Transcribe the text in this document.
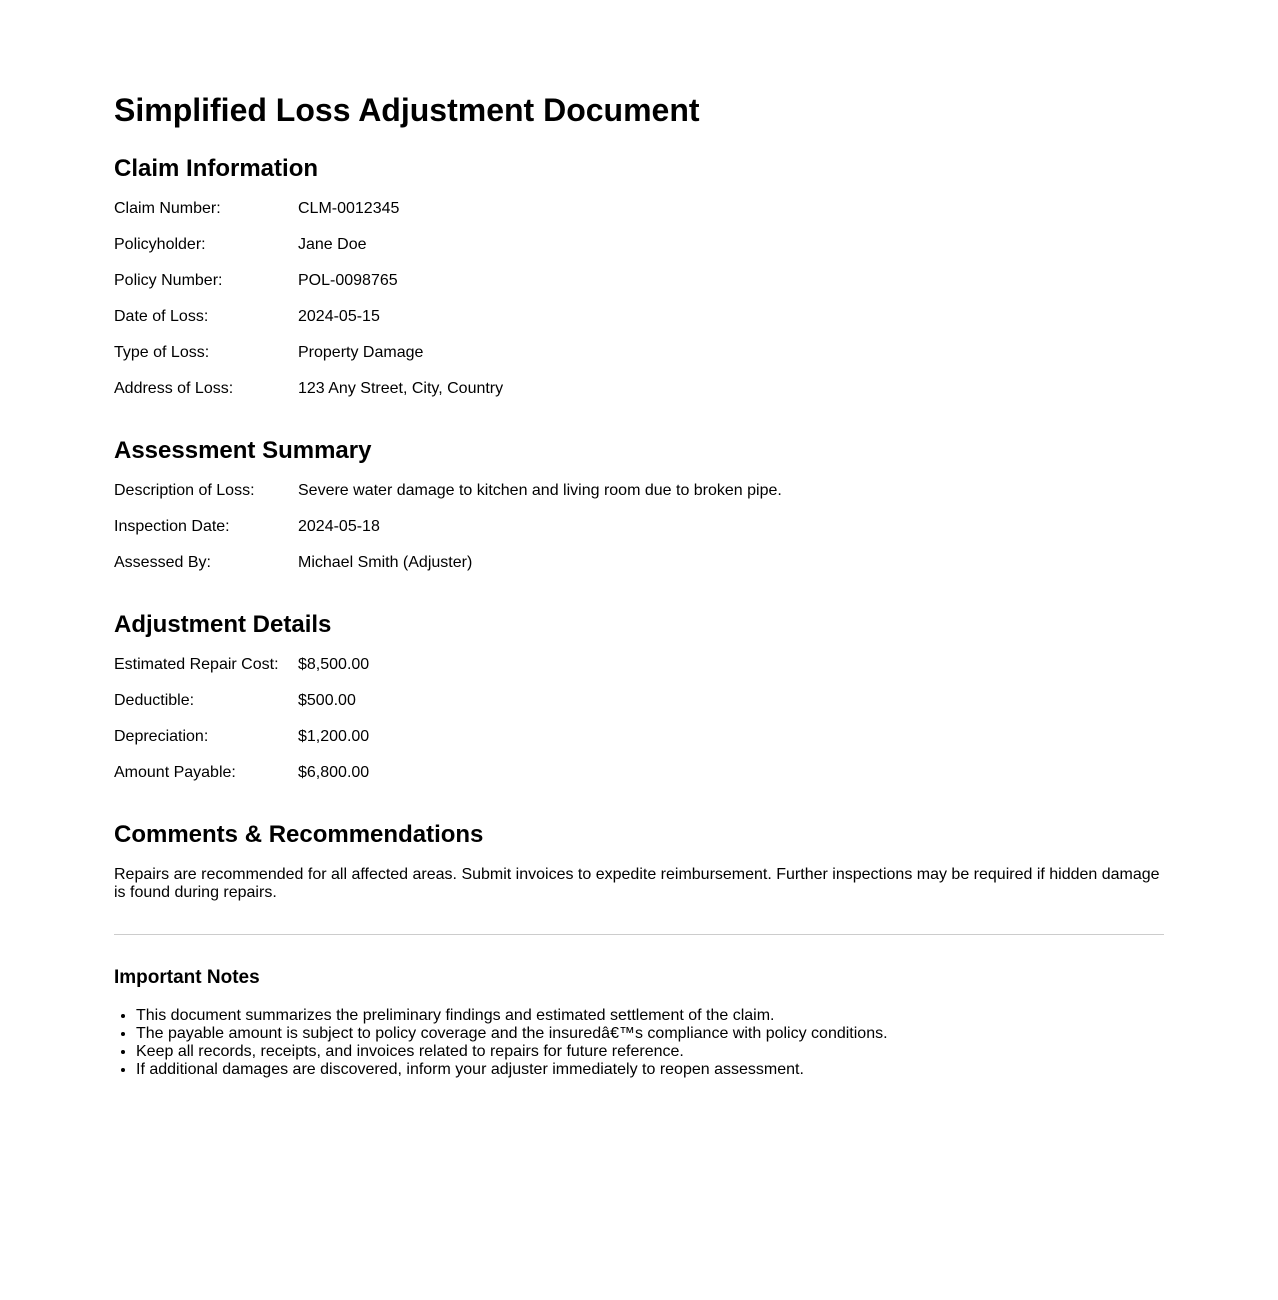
Simplified Loss Adjustment Document
Claim Information
Claim Number:	CLM-0012345
Policyholder:	Jane Doe
Policy Number:	POL-0098765
Date of Loss:	2024-05-15
Type of Loss:	Property Damage
Address of Loss:	123 Any Street, City, Country
Assessment Summary
Description of Loss:	Severe water damage to kitchen and living room due to broken pipe.
Inspection Date:	2024-05-18
Assessed By:	Michael Smith (Adjuster)
Adjustment Details
Estimated Repair Cost:	$8,500.00
Deductible:	$500.00
Depreciation:	$1,200.00
Amount Payable:	$6,800.00
Comments & Recommendations

Repairs are recommended for all affected areas. Submit invoices to expedite reimbursement. Further inspections may be required if hidden damage is found during repairs.

Important Notes
• This document summarizes the preliminary findings and estimated settlement of the claim.
• The payable amount is subject to policy coverage and the insuredâ€™s compliance with policy conditions.
• Keep all records, receipts, and invoices related to repairs for future reference.
• If additional damages are discovered, inform your adjuster immediately to reopen assessment.
